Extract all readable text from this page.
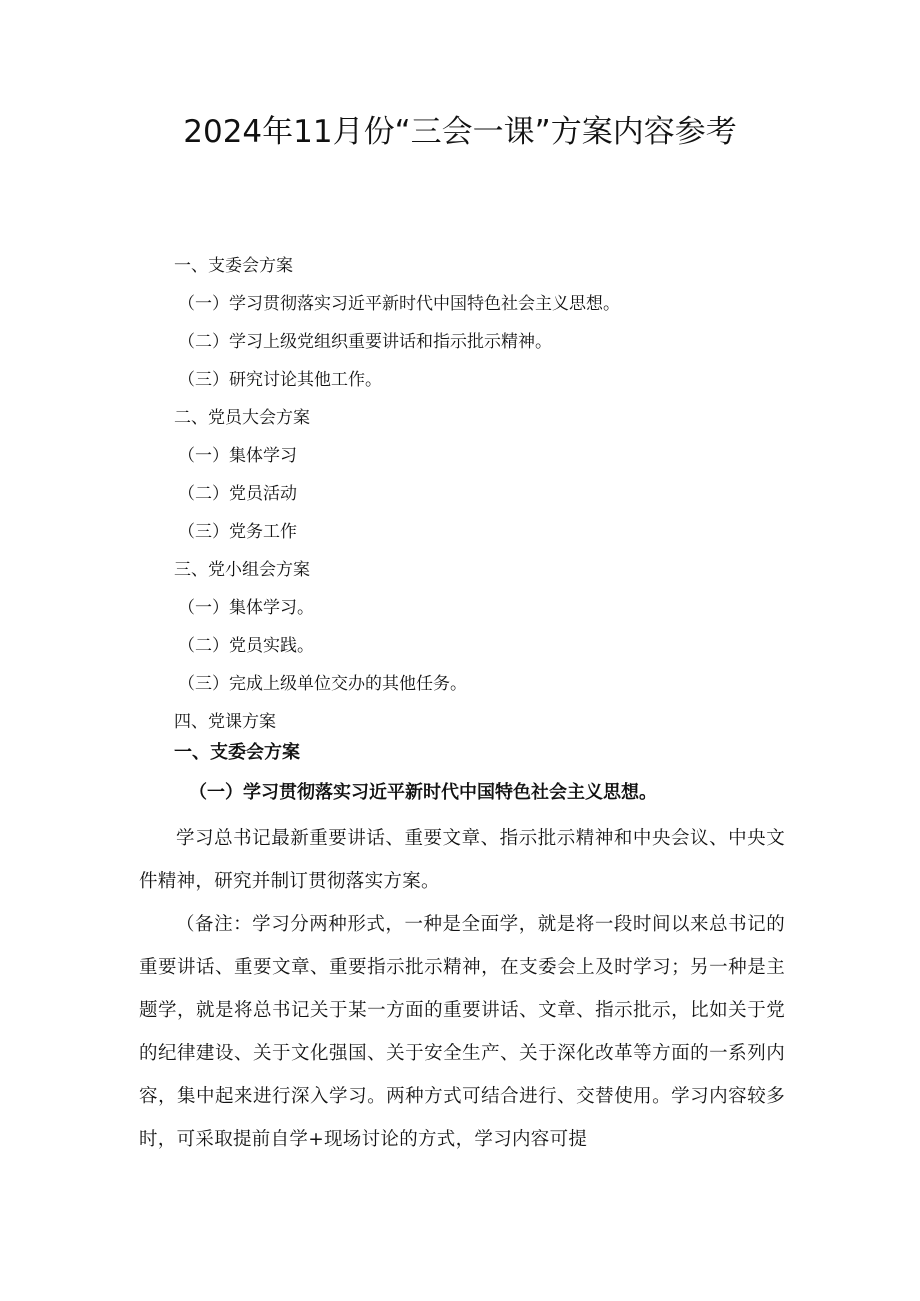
2024年11月份“三会一课”方案内容参考
一、支委会方案
（一）学习贯彻落实习近平新时代中国特色社会主义思想。
（二）学习上级党组织重要讲话和指示批示精神。
（三）研究讨论其他工作。
二、党员大会方案
（一）集体学习
（二）党员活动
（三）党务工作
三、党小组会方案
（一）集体学习。
（二）党员实践。
（三）完成上级单位交办的其他任务。
四、党课方案
一、支委会方案
（一）学习贯彻落实习近平新时代中国特色社会主义思想。

学习总书记最新重要讲话、重要文章、指示批示精神和中央会议、中央文件精神，研究并制订贯彻落实方案。

（备注：学习分两种形式，一种是全面学，就是将一段时间以来总书记的重要讲话、重要文章、重要指示批示精神，在支委会上及时学习；另一种是主题学，就是将总书记关于某一方面的重要讲话、文章、指示批示，比如关于党的纪律建设、关于文化强国、关于安全生产、关于深化改革等方面的一系列内容，集中起来进行深入学习。两种方式可结合进行、交替使用。学习内容较多时，可采取提前自学+现场讨论的方式，学习内容可提
